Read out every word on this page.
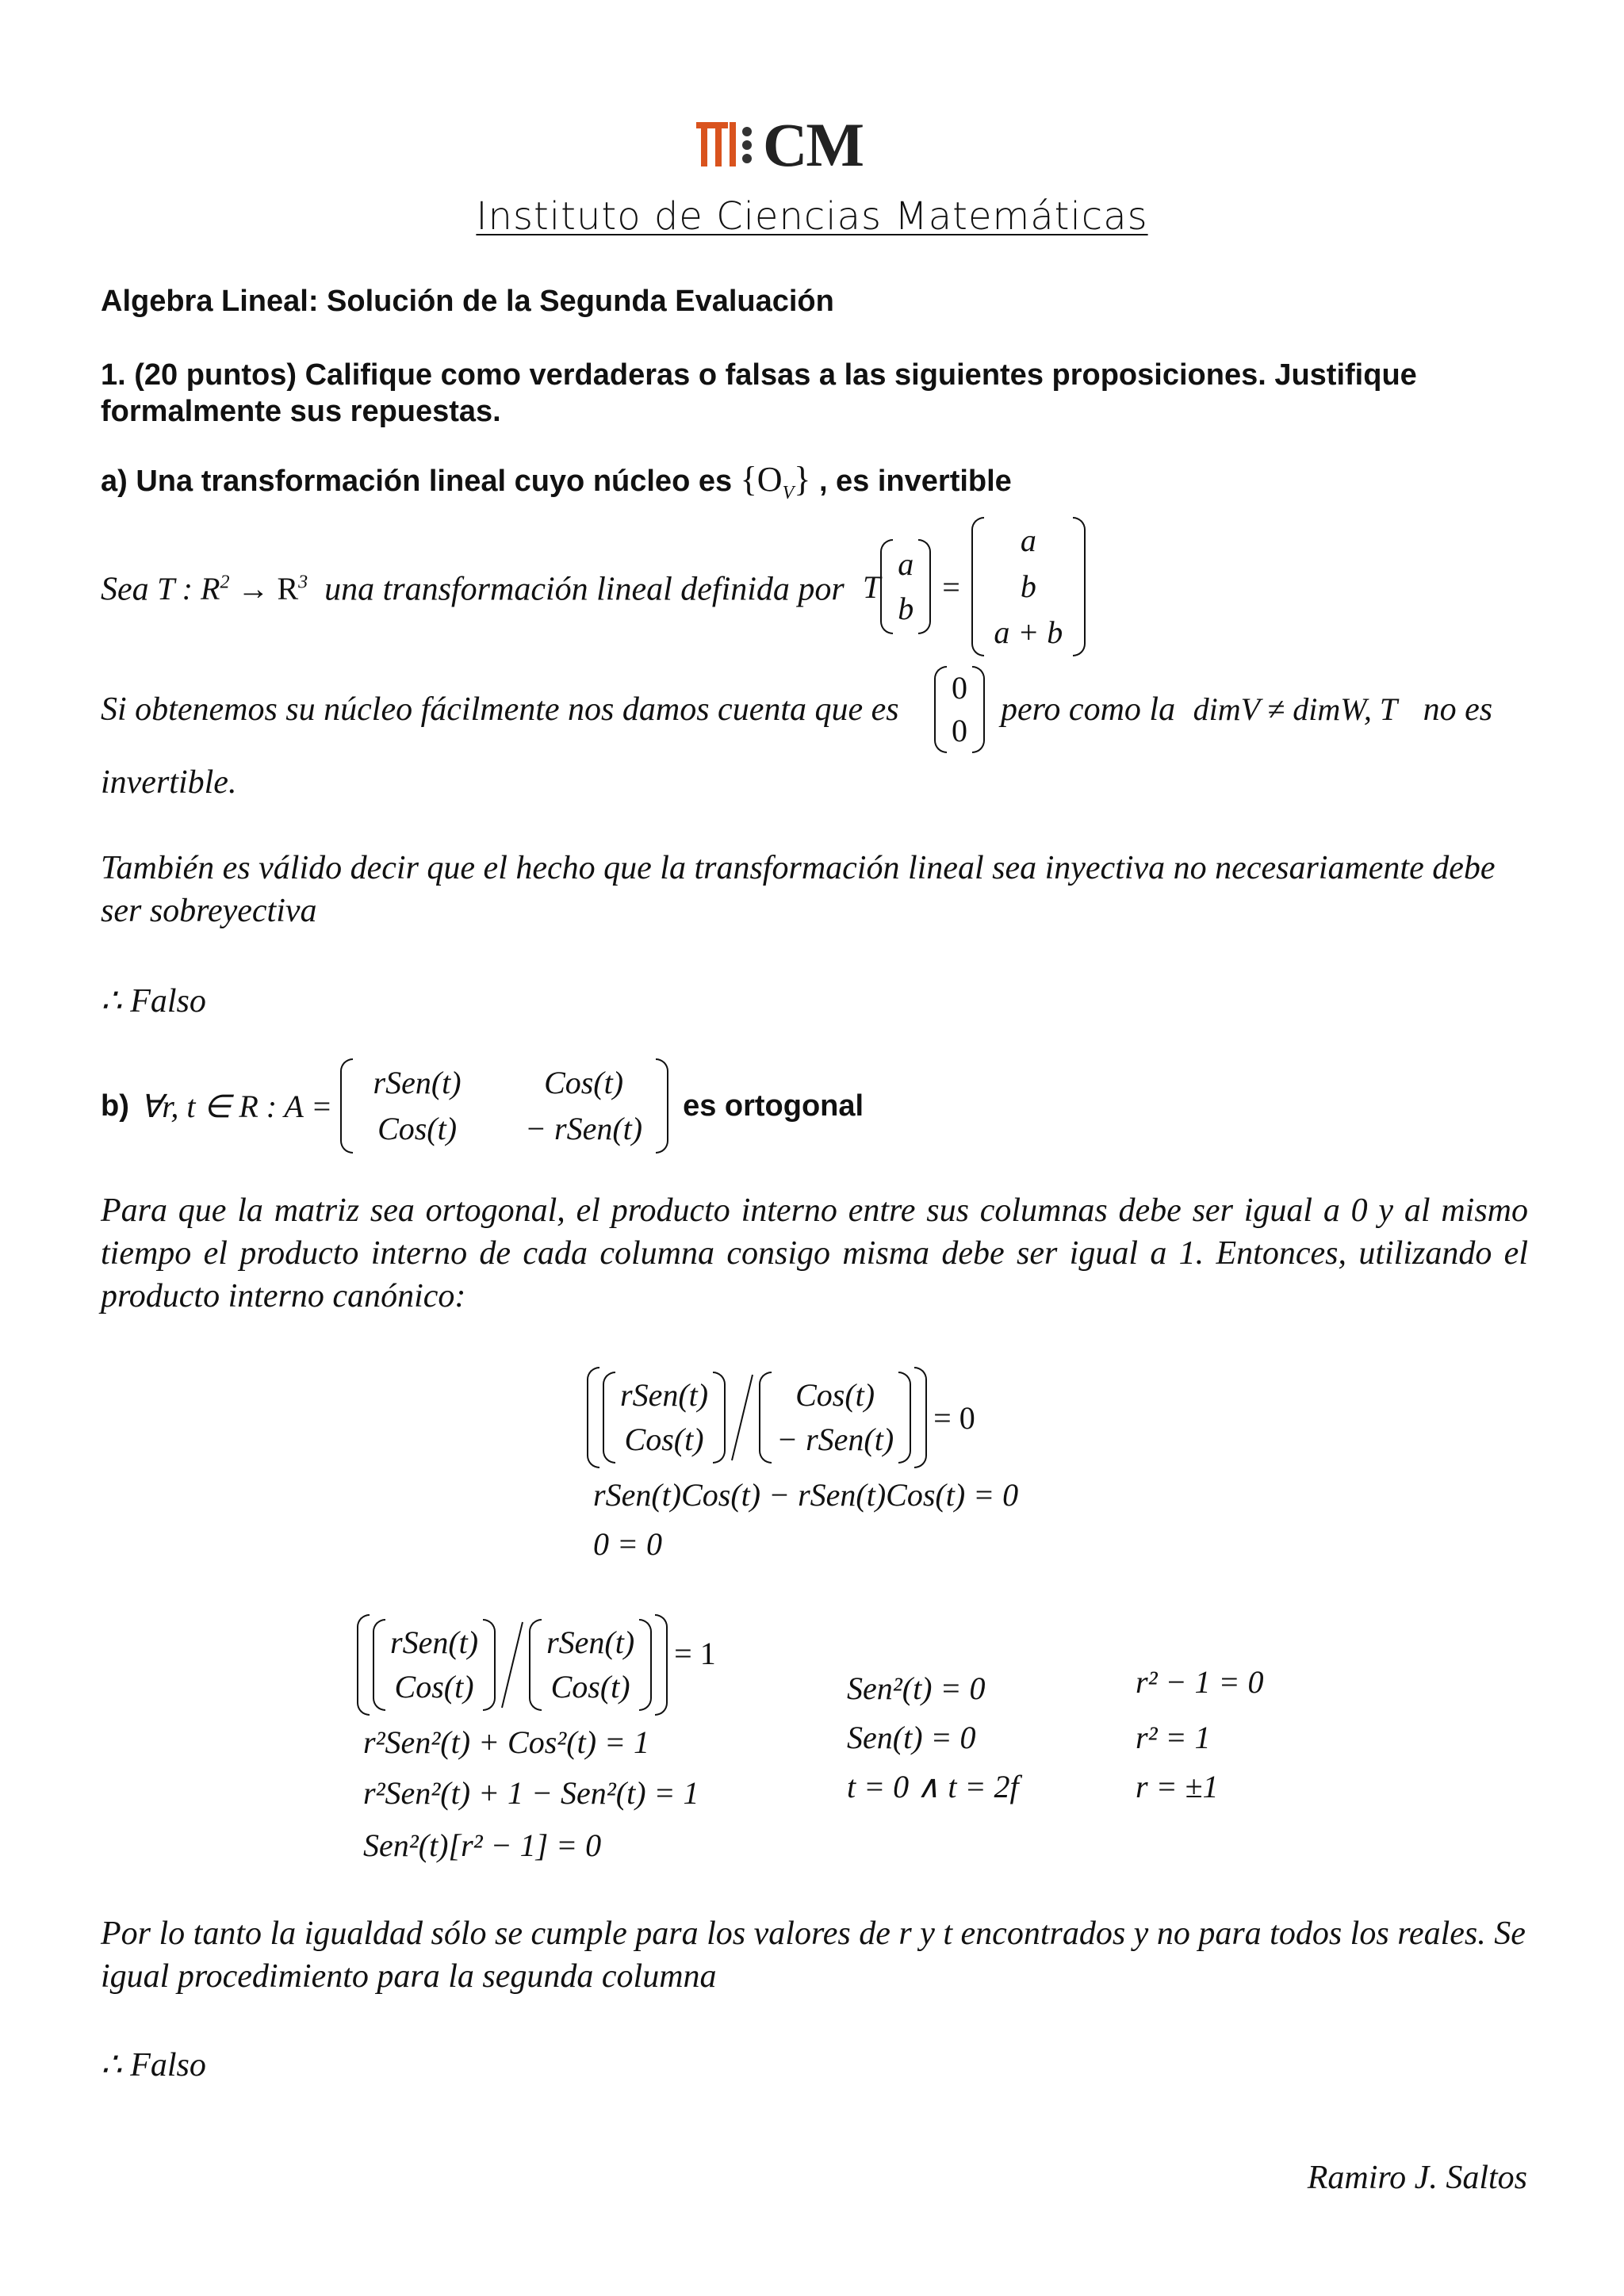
CM
Instituto de Ciencias Matemáticas
Algebra Lineal: Solución de la Segunda Evaluación
1. (20 puntos) Califique como verdaderas o falsas a las siguientes proposiciones. Justifique formalmente sus repuestas.
a) Una transformación lineal cuyo núcleo es $\{O_V\}$ , es invertible
Sea T : $R^2 \to R^3$ una transformación lineal definida por T
a
b
=
a
b
a + b
Si obtenemos su núcleo fácilmente nos damos cuenta que es
0
0
pero como la dimV ≠ dimW, T no es
invertible.
También es válido decir que el hecho que la transformación lineal sea inyectiva no necesariamente debe ser sobreyectiva
∴ Falso
b) ∀r, t ∈ R : A =
rSen(t)	Cos(t)
Cos(t)	− rSen(t)
es ortogonal
Para que la matriz sea ortogonal, el producto interno entre sus columnas debe ser igual a 0 y al mismo tiempo el producto interno de cada columna consigo misma debe ser igual a 1. Entonces, utilizando el producto interno canónico:
rSen(t)
Cos(t)
Cos(t)
− rSen(t)
= 0
rSen(t)Cos(t) − rSen(t)Cos(t) = 0
0 = 0
rSen(t)
Cos(t)
rSen(t)
Cos(t)
= 1
r²Sen²(t) + Cos²(t) = 1
r²Sen²(t) + 1 − Sen²(t) = 1
Sen²(t)[r² − 1] = 0
Sen²(t) = 0
Sen(t) = 0
t = 0 ∧ t = 2f
r² − 1 = 0
r² = 1
r = ±1
Por lo tanto la igualdad sólo se cumple para los valores de r y t encontrados y no para todos los reales. Se igual procedimiento para la segunda columna
∴ Falso
Ramiro J. Saltos
